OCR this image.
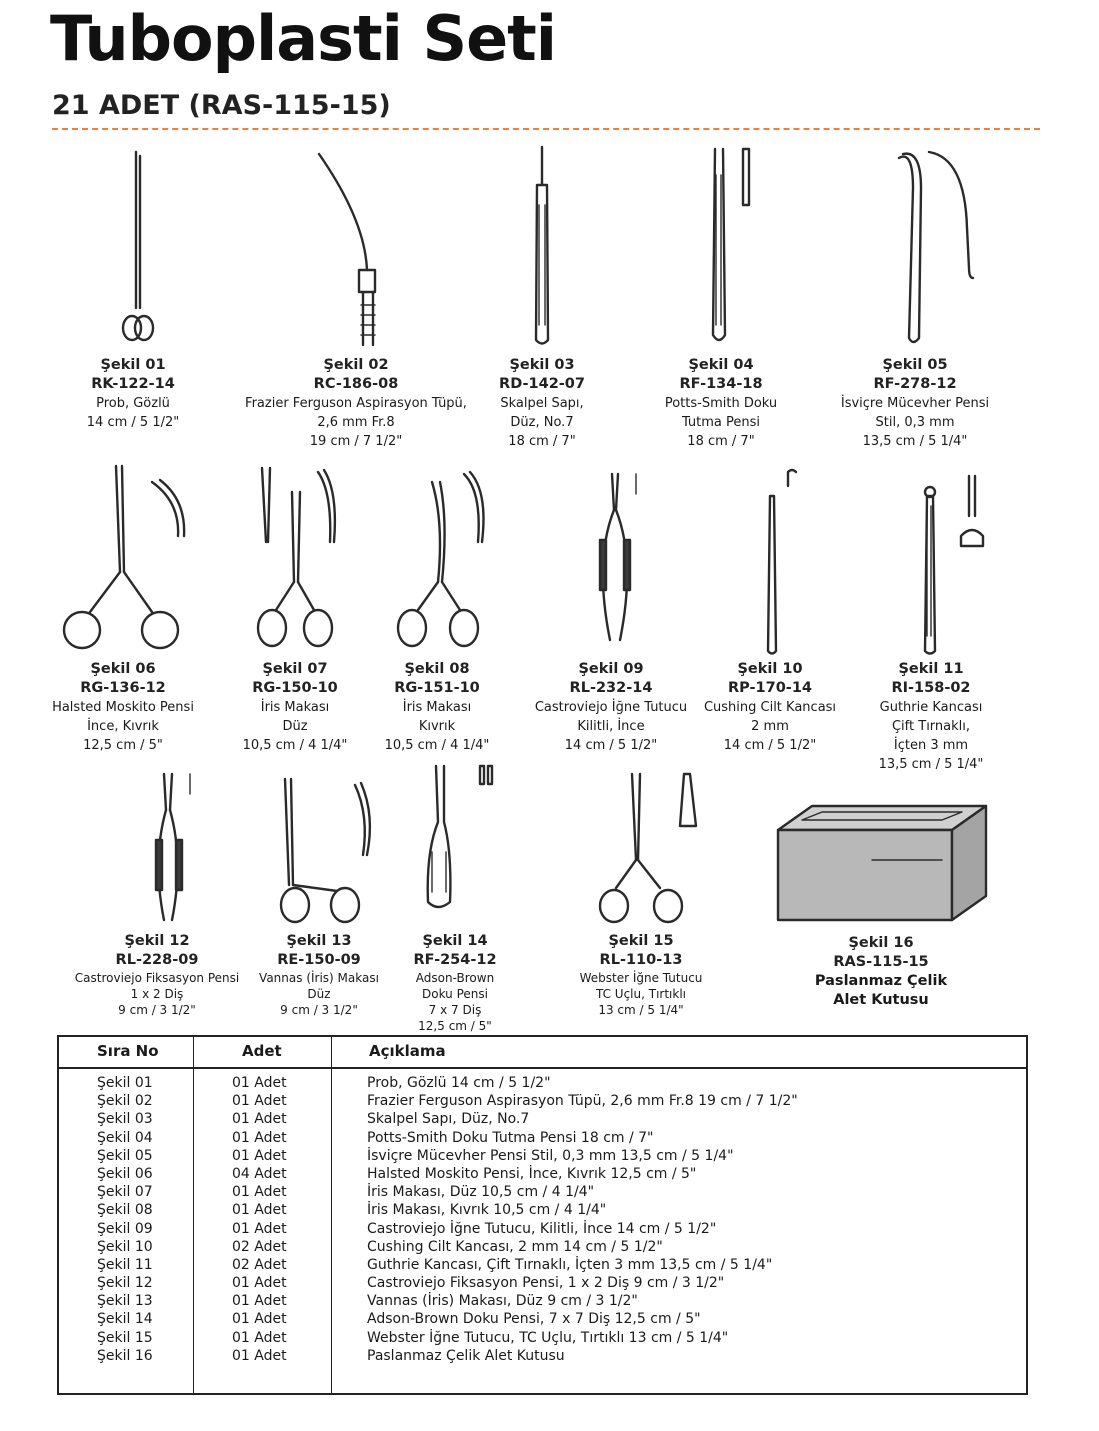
Tuboplasti Seti
21 ADET (RAS-115-15)
Şekil 01
RK-122-14
Prob, Gözlü
14 cm / 5 1/2"
Şekil 02
RC-186-08
Frazier Ferguson Aspirasyon Tüpü,
2,6 mm Fr.8
19 cm / 7 1/2"
Şekil 03
RD-142-07
Skalpel Sapı,
Düz, No.7
18 cm / 7"
Şekil 04
RF-134-18
Potts-Smith Doku
Tutma Pensi
18 cm / 7"
Şekil 05
RF-278-12
İsviçre Mücevher Pensi
Stil, 0,3 mm
13,5 cm / 5 1/4"
Şekil 06
RG-136-12
Halsted Moskito Pensi
İnce, Kıvrık
12,5 cm / 5"
Şekil 07
RG-150-10
İris Makası
Düz
10,5 cm / 4 1/4"
Şekil 08
RG-151-10
İris Makası
Kıvrık
10,5 cm / 4 1/4"
Şekil 09
RL-232-14
Castroviejo İğne Tutucu
Kilitli, İnce
14 cm / 5 1/2"
Şekil 10
RP-170-14
Cushing Cilt Kancası
2 mm
14 cm / 5 1/2"
Şekil 11
RI-158-02
Guthrie Kancası
Çift Tırnaklı,
İçten 3 mm
13,5 cm / 5 1/4"
Şekil 12
RL-228-09
Castroviejo Fiksasyon Pensi
1 x 2 Diş
9 cm / 3 1/2"
Şekil 13
RE-150-09
Vannas (İris) Makası
Düz
9 cm / 3 1/2"
Şekil 14
RF-254-12
Adson-Brown
Doku Pensi
7 x 7 Diş
12,5 cm / 5"
Şekil 15
RL-110-13
Webster İğne Tutucu
TC Uçlu, Tırtıklı
13 cm / 5 1/4"
Şekil 16
RAS-115-15
Paslanmaz Çelik
Alet Kutusu
Sıra No	Adet	Açıklama
Şekil 01	01 Adet	Prob, Gözlü 14 cm / 5 1/2"
Şekil 02	01 Adet	Frazier Ferguson Aspirasyon Tüpü, 2,6 mm Fr.8 19 cm / 7 1/2"
Şekil 03	01 Adet	Skalpel Sapı, Düz, No.7
Şekil 04	01 Adet	Potts-Smith Doku Tutma Pensi 18 cm / 7"
Şekil 05	01 Adet	İsviçre Mücevher Pensi Stil, 0,3 mm 13,5 cm / 5 1/4"
Şekil 06	04 Adet	Halsted Moskito Pensi, İnce, Kıvrık 12,5 cm / 5"
Şekil 07	01 Adet	İris Makası, Düz 10,5 cm / 4 1/4"
Şekil 08	01 Adet	İris Makası, Kıvrık 10,5 cm / 4 1/4"
Şekil 09	01 Adet	Castroviejo İğne Tutucu, Kilitli, İnce 14 cm / 5 1/2"
Şekil 10	02 Adet	Cushing Cilt Kancası, 2 mm 14 cm / 5 1/2"
Şekil 11	02 Adet	Guthrie Kancası, Çift Tırnaklı, İçten 3 mm 13,5 cm / 5 1/4"
Şekil 12	01 Adet	Castroviejo Fiksasyon Pensi, 1 x 2 Diş 9 cm / 3 1/2"
Şekil 13	01 Adet	Vannas (İris) Makası, Düz 9 cm / 3 1/2"
Şekil 14	01 Adet	Adson-Brown Doku Pensi, 7 x 7 Diş 12,5 cm / 5"
Şekil 15	01 Adet	Webster İğne Tutucu, TC Uçlu, Tırtıklı 13 cm / 5 1/4"
Şekil 16	01 Adet	Paslanmaz Çelik Alet Kutusu
